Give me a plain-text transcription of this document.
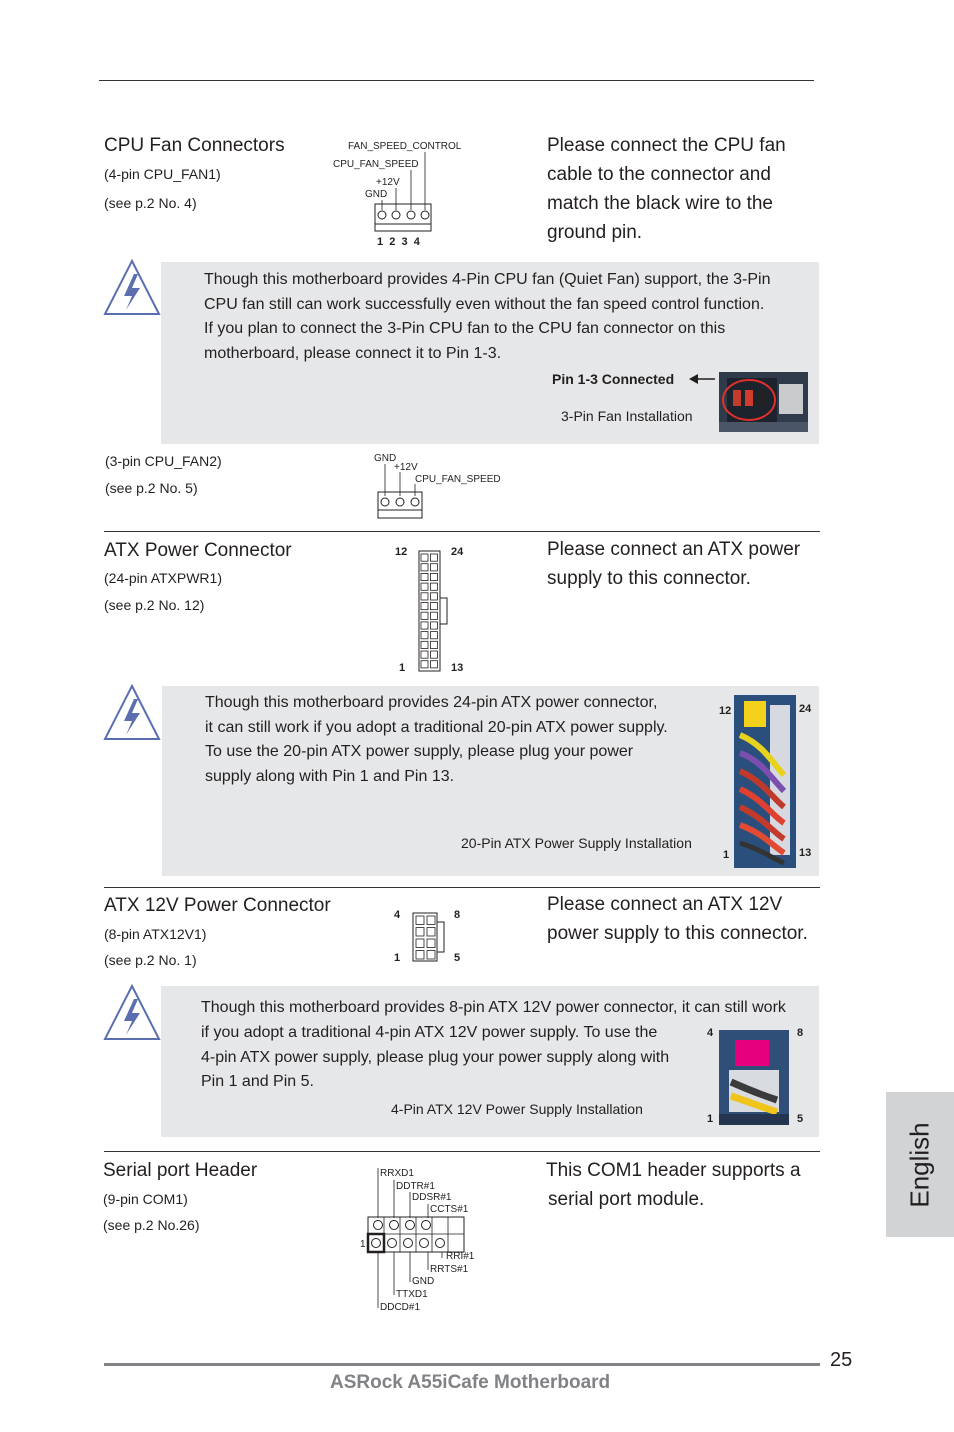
CPU Fan Connectors
(4-pin CPU_FAN1)
(see p.2 No. 4)
FAN_SPEED_CONTROL
CPU_FAN_SPEED
+12V
GND
1  2  3  4
Please connect the CPU fan
cable to the connector and
match the black wire to the
ground pin.
Though this motherboard provides 4-Pin CPU fan (Quiet Fan) support, the 3-Pin
CPU fan still can work successfully even without the fan speed control function.
If you plan to connect the 3-Pin CPU fan to the CPU fan connector on this
motherboard, please connect it to Pin 1-3.
Pin 1-3 Connected
3-Pin Fan Installation
(3-pin CPU_FAN2)
(see p.2 No. 5)
GND
+12V
CPU_FAN_SPEED
ATX Power Connector
(24-pin ATXPWR1)
(see p.2 No. 12)
12	24
1	13
Please connect an ATX power
supply to this connector.
Though this motherboard provides 24-pin ATX power connector,
it can still work if you adopt a traditional 20-pin ATX power supply.
To use the 20-pin ATX power supply, please plug your power
supply along with Pin 1 and Pin 13.
20-Pin ATX Power Supply Installation
12	24
1	13
ATX 12V Power Connector
(8-pin ATX12V1)
(see p.2 No. 1)
4	8
1	5
Please connect an ATX 12V
power supply to this connector.
Though this motherboard provides 8-pin ATX 12V power connector, it can still work
if you adopt a traditional 4-pin ATX 12V power supply. To use the
4-pin ATX power supply, please plug your power supply along with
Pin 1 and Pin 5.
4-Pin ATX 12V Power Supply Installation
4	8
1	5
Serial port Header
(9-pin COM1)
(see p.2 No.26)
RRXD1
DDTR#1
DDSR#1
CCTS#1
1
RRI#1
RRTS#1
GND
TTXD1
DDCD#1
This COM1 header supports a
serial port module.	English
25
ASRock A55iCafe Motherboard
